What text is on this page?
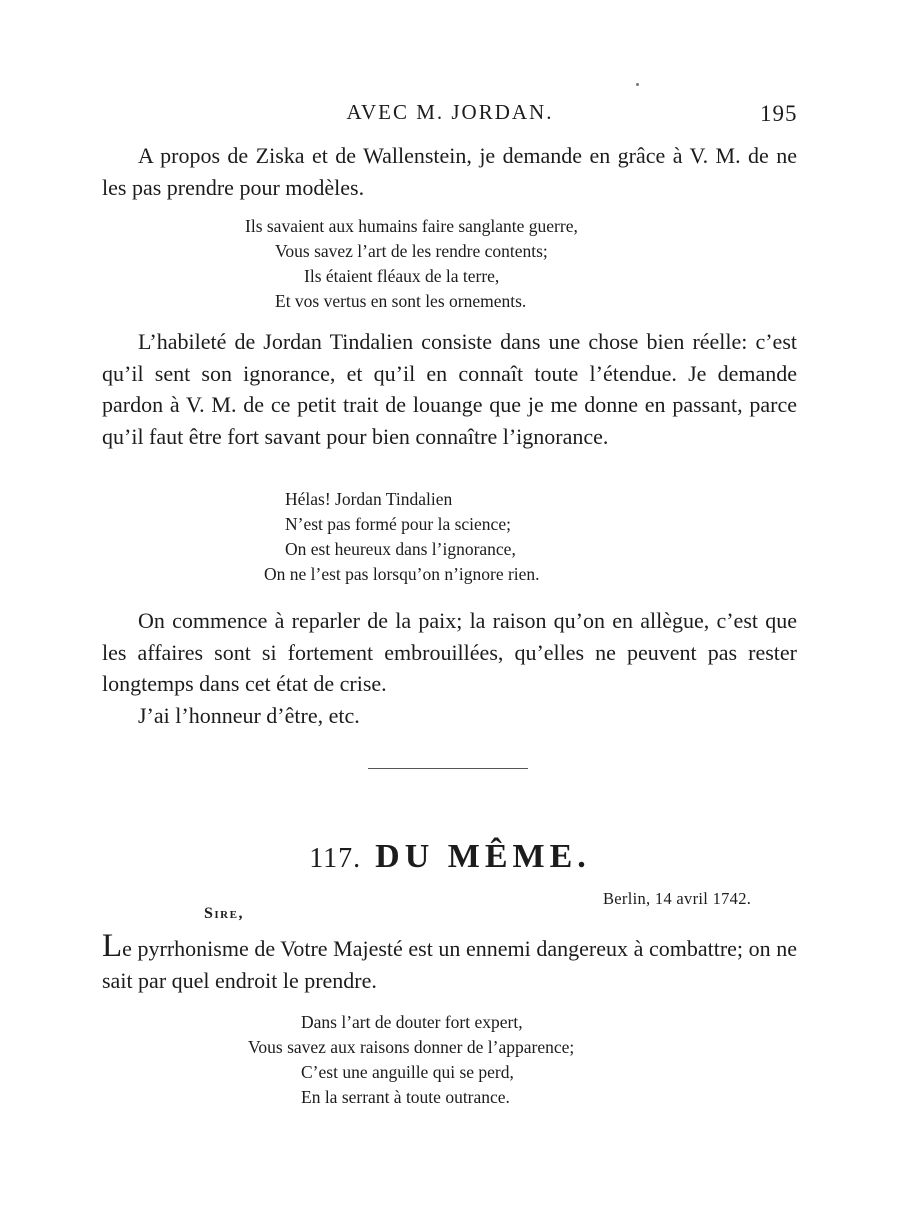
AVEC M. JORDAN.	195

A propos de Ziska et de Wallenstein, je demande en grâce à V. M. de ne les pas prendre pour modèles.

Ils savaient aux humains faire sanglante guerre,
Vous savez l’art de les rendre contents;
Ils étaient fléaux de la terre,
Et vos vertus en sont les ornements.

L’habileté de Jordan Tindalien consiste dans une chose bien réelle: c’est qu’il sent son ignorance, et qu’il en connaît toute l’étendue. Je demande pardon à V. M. de ce petit trait de louange que je me donne en passant, parce qu’il faut être fort savant pour bien connaître l’ignorance.

Hélas! Jordan Tindalien
N’est pas formé pour la science;
On est heureux dans l’ignorance,
On ne l’est pas lorsqu’on n’ignore rien.

On commence à reparler de la paix; la raison qu’on en allègue, c’est que les affaires sont si fortement embrouillées, qu’elles ne peuvent pas rester longtemps dans cet état de crise.

J’ai l’honneur d’être, etc.

117. DU MÊME.
Berlin, 14 avril 1742.
Sire,

Le pyrrhonisme de Votre Majesté est un ennemi dangereux à combattre; on ne sait par quel endroit le prendre.

Dans l’art de douter fort expert,
Vous savez aux raisons donner de l’apparence;
C’est une anguille qui se perd,
En la serrant à toute outrance.
